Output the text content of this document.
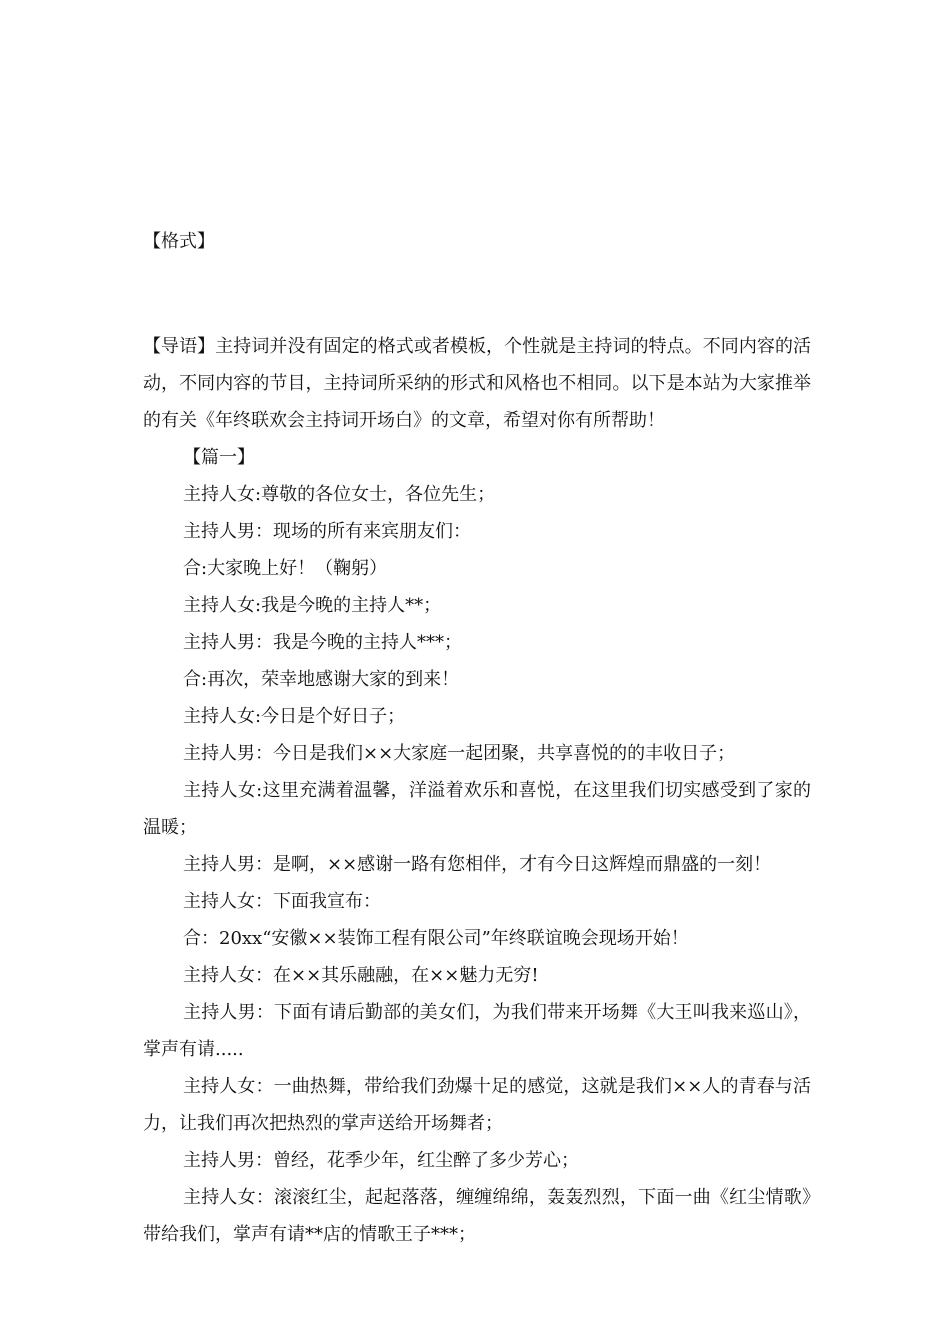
【格式】

【导语】主持词并没有固定的格式或者模板，个性就是主持词的特点。不同内容的活动，不同内容的节目，主持词所采纳的形式和风格也不相同。以下是本站为大家推举的有关《年终联欢会主持词开场白》的文章，希望对你有所帮助！

【篇一】

主持人女:尊敬的各位女士，各位先生；

主持人男：现场的所有来宾朋友们：

合:大家晚上好！（鞠躬）

主持人女:我是今晚的主持人**；

主持人男：我是今晚的主持人***；

合:再次，荣幸地感谢大家的到来！

主持人女:今日是个好日子；

主持人男：今日是我们××大家庭一起团聚，共享喜悦的的丰收日子；

主持人女:这里充满着温馨，洋溢着欢乐和喜悦，在这里我们切实感受到了家的温暖；

主持人男：是啊，××感谢一路有您相伴，才有今日这辉煌而鼎盛的一刻！

主持人女：下面我宣布：

合：20xx“安徽××装饰工程有限公司”年终联谊晚会现场开始！

主持人女：在××其乐融融，在××魅力无穷!

主持人男：下面有请后勤部的美女们，为我们带来开场舞《大王叫我来巡山》，掌声有请.....

主持人女：一曲热舞，带给我们劲爆十足的感觉，这就是我们××人的青春与活力，让我们再次把热烈的掌声送给开场舞者；

主持人男：曾经，花季少年，红尘醉了多少芳心；

主持人女：滚滚红尘，起起落落，缠缠绵绵，轰轰烈烈，下面一曲《红尘情歌》带给我们，掌声有请**店的情歌王子***；
